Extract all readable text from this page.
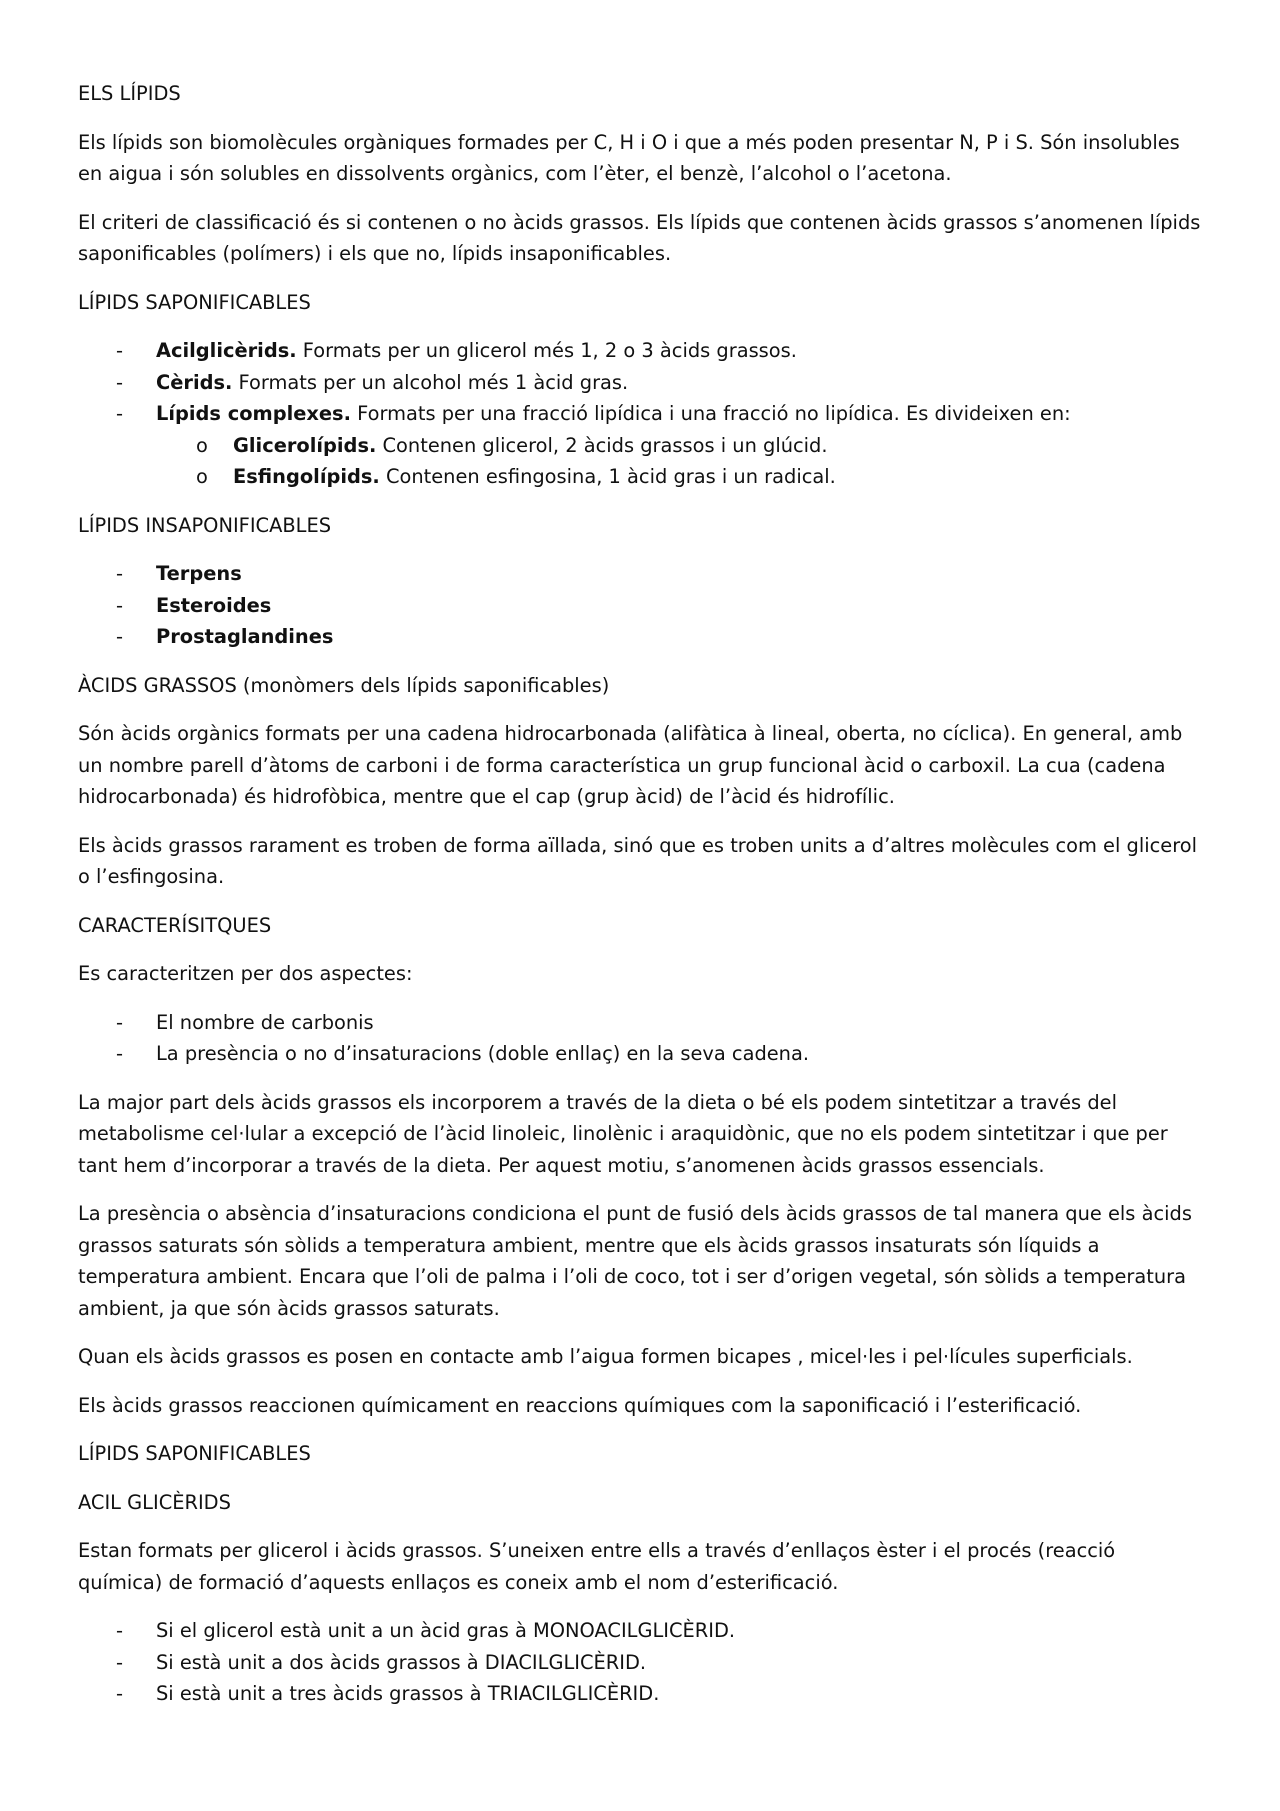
ELS LÍPIDS

Els lípids son biomolècules orgàniques formades per C, H i O i que a més poden presentar N, P i S. Són insolubles en aigua i són solubles en dissolvents orgànics, com l’èter, el benzè, l’alcohol o l’acetona.

El criteri de classificació és si contenen o no àcids grassos. Els lípids que contenen àcids grassos s’anomenen lípids saponificables (polímers) i els que no, lípids insaponificables.

LÍPIDS SAPONIFICABLES
- Acilglicèrids. Formats per un glicerol més 1, 2 o 3 àcids grassos.
- Cèrids. Formats per un alcohol més 1 àcid gras.
- Lípids complexes. Formats per una fracció lipídica i una fracció no lipídica. Es divideixen en:
o Glicerolípids. Contenen glicerol, 2 àcids grassos i un glúcid.
o Esfingolípids. Contenen esfingosina, 1 àcid gras i un radical.
LÍPIDS INSAPONIFICABLES
- Terpens
- Esteroides
- Prostaglandines
ÀCIDS GRASSOS (monòmers dels lípids saponificables)

Són àcids orgànics formats per una cadena hidrocarbonada (alifàtica à lineal, oberta, no cíclica). En general, amb un nombre parell d’àtoms de carboni i de forma característica un grup funcional àcid o carboxil. La cua (cadena hidrocarbonada) és hidrofòbica, mentre que el cap (grup àcid) de l’àcid és hidrofílic.

Els àcids grassos rarament es troben de forma aïllada, sinó que es troben units a d’altres molècules com el glicerol o l’esfingosina.

CARACTERÍSITQUES

Es caracteritzen per dos aspectes:

- El nombre de carbonis
- La presència o no d’insaturacions (doble enllaç) en la seva cadena.

La major part dels àcids grassos els incorporem a través de la dieta o bé els podem sintetitzar a través del metabolisme cel·lular a excepció de l’àcid linoleic, linolènic i araquidònic, que no els podem sintetitzar i que per tant hem d’incorporar a través de la dieta. Per aquest motiu, s’anomenen àcids grassos essencials.

La presència o absència d’insaturacions condiciona el punt de fusió dels àcids grassos de tal manera que els àcids grassos saturats són sòlids a temperatura ambient, mentre que els àcids grassos insaturats són líquids a temperatura ambient. Encara que l’oli de palma i l’oli de coco, tot i ser d’origen vegetal, són sòlids a temperatura ambient, ja que són àcids grassos saturats.

Quan els àcids grassos es posen en contacte amb l’aigua formen bicapes , micel·les i pel·lícules superficials.

Els àcids grassos reaccionen químicament en reaccions químiques com la saponificació i l’esterificació.

LÍPIDS SAPONIFICABLES
ACIL GLICÈRIDS

Estan formats per glicerol i àcids grassos. S’uneixen entre ells a través d’enllaços èster i el procés (reacció química) de formació d’aquests enllaços es coneix amb el nom d’esterificació.

- Si el glicerol està unit a un àcid gras à MONOACILGLICÈRID.
- Si està unit a dos àcids grassos à DIACILGLICÈRID.
- Si està unit a tres àcids grassos à TRIACILGLICÈRID.
